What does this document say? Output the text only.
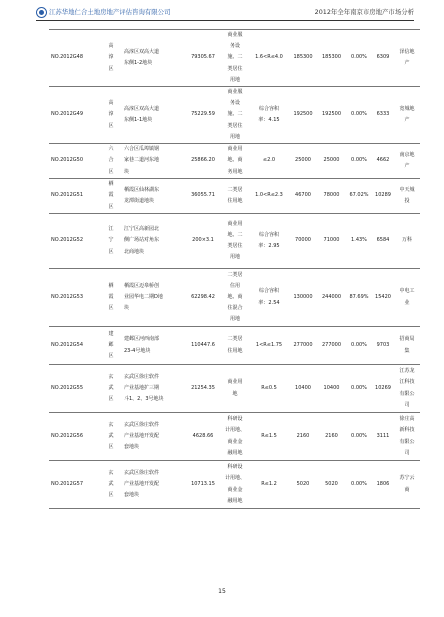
江苏华地仁合土地房地产评估咨询有限公司	2012年全年南京市房地产市场分析
NO.2012G48	高
淳
区	高淳区双高大道
东侧1-2地块	79305.67	商业服
务设
施、二
类居住
用地	1.6<R≤4.0	185300	185300	0.00%	6309	泽信地
产

NO.2012G49	高
淳
区	高淳区双高大道
东侧1-1地块	75229.59	商业服
务设
施、二
类居住
用地	综合容积
率：4.15	192500	192500	0.00%	6333	宽城地
产

NO.2012G50	六
合
区	六合区瓜埠镇钢
家巷二道河东地
块	25866.20	商业用
地、商
务用地	≤2.0	25000	25000	0.00%	4662	南京地
产

NO.2012G51	栖
霞
区	栖霞区仙林湖东
龙潭街道地块	36055.71	二类居
住用地	1.0<R≤2.3	46700	78000	67.02%	10289	中天城
投

NO.2012G52	江
宁
区	江宁区高新园北
侧广场站对角东
北商地块	200×3.1	商业用
地、二
类居住
用地	综合容积
率：2.95	70000	71000	1.43%	6584	万科

NO.2012G53	栖
霞
区	栖霞区迈皋桥创
业园华电二期D地
块	62298.42	二类居
住用
地、商
住混合
用地	综合容积
率：2.54	130000	244000	87.69%	15420	中电工
业

NO.2012G54	建
邺
区	建邺区河西南部
23-4号地块	110447.6	二类居
住用地	1<R≤1.75	277000	277000	0.00%	9703	招商局
集

NO.2012G55	玄
武
区	玄武区徐庄软件
产业基地扩三期
斗1、2、3号地块	21254.35	商业用
地	R≤0.5	10400	10400	0.00%	10269	江苏龙
江科技
有限公
司

NO.2012G56	玄
武
区	玄武区徐庄软件
产业基地开发配
套地块	4628.66	科研设
计用地、
商业金
融用地	R≤1.5	2160	2160	0.00%	3111	徐庄高
新科技
有限公
司

NO.2012G57	玄
武
区	玄武区徐庄软件
产业基地开发配
套地块	10713.15	科研设
计用地、
商业金
融用地	R≤1.2	5020	5020	0.00%	1806	苏宁云
商
15
